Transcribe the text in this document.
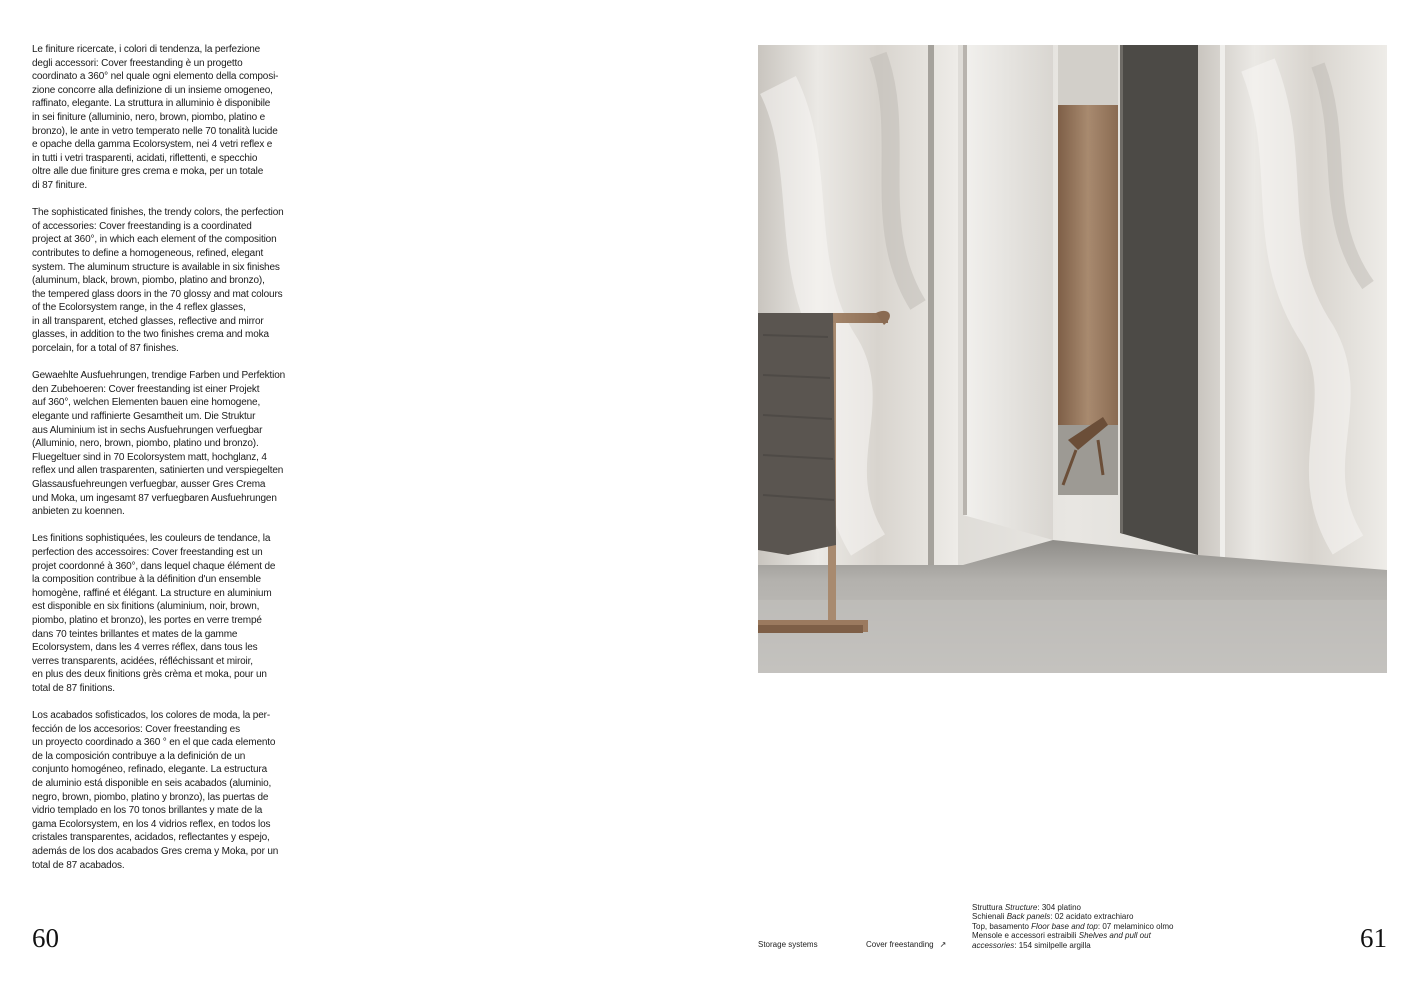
Le finiture ricercate, i colori di tendenza, la perfezione
degli accessori: Cover freestanding è un progetto
coordinato a 360° nel quale ogni elemento della composi-
zione concorre alla definizione di un insieme omogeneo,
raffinato, elegante. La struttura in alluminio è disponibile
in sei finiture (alluminio, nero, brown, piombo, platino e
bronzo), le ante in vetro temperato nelle 70 tonalità lucide
e opache della gamma Ecolorsystem, nei 4 vetri reflex e
in tutti i vetri trasparenti, acidati, riflettenti, e specchio
oltre alle due finiture gres crema e moka, per un totale
di 87 finiture.

The sophisticated finishes, the trendy colors, the perfection
of accessories: Cover freestanding is a coordinated
project at 360°, in which each element of the composition
contributes to define a homogeneous, refined, elegant
system. The aluminum structure is available in six finishes
(aluminum, black, brown, piombo, platino and bronzo),
the tempered glass doors in the 70 glossy and mat colours
of the Ecolorsystem range, in the 4 reflex glasses,
in all transparent, etched glasses, reflective and mirror
glasses, in addition to the two finishes crema and moka
porcelain, for a total of 87 finishes.

Gewaehlte Ausfuehrungen, trendige Farben und Perfektion
den Zubehoeren: Cover freestanding ist einer Projekt
auf 360°, welchen Elementen bauen eine homogene,
elegante und raffinierte Gesamtheit um. Die Struktur
aus Aluminium ist in sechs Ausfuehrungen verfuegbar
(Alluminio, nero, brown, piombo, platino und bronzo).
Fluegeltuer sind in 70 Ecolorsystem matt, hochglanz, 4
reflex und allen trasparenten, satinierten und verspiegelten
Glassausfuehreungen verfuegbar, ausser Gres Crema
und Moka, um ingesamt 87 verfuegbaren Ausfuehrungen
anbieten zu koennen.

Les finitions sophistiquées, les couleurs de tendance, la
perfection des accessoires: Cover freestanding est un
projet coordonné à 360°, dans lequel chaque élément de
la composition contribue à la définition d'un ensemble
homogène, raffiné et élégant. La structure en aluminium
est disponible en six finitions (aluminium, noir, brown,
piombo, platino et bronzo), les portes en verre trempé
dans 70 teintes brillantes et mates de la gamme
Ecolorsystem, dans les 4 verres réflex, dans tous les
verres transparents, acidées, réfléchissant et miroir,
en plus des deux finitions grès crèma et moka, pour un
total de 87 finitions.

Los acabados sofisticados, los colores de moda, la per-
fección de los accesorios: Cover freestanding es
un proyecto coordinado a 360 ° en el que cada elemento
de la composición contribuye a la definición de un
conjunto homogéneo, refinado, elegante. La estructura
de aluminio está disponible en seis acabados (aluminio,
negro, brown, piombo, platino y bronzo), las puertas de
vidrio templado en los 70 tonos brillantes y mate de la
gama Ecolorsystem, en los 4 vidrios reflex, en todos los
cristales transparentes, acidados, reflectantes y espejo,
además de los dos acabados Gres crema y Moka, por un
total de 87 acabados.

60	Storage systems	Cover freestanding ↗
Struttura Structure: 304 platino
Schienali Back panels: 02 acidato extrachiaro
Top, basamento Floor base and top: 07 melaminico olmo
Mensole e accessori estraibili Shelves and pull out
accessories: 154 similpelle argilla	61
